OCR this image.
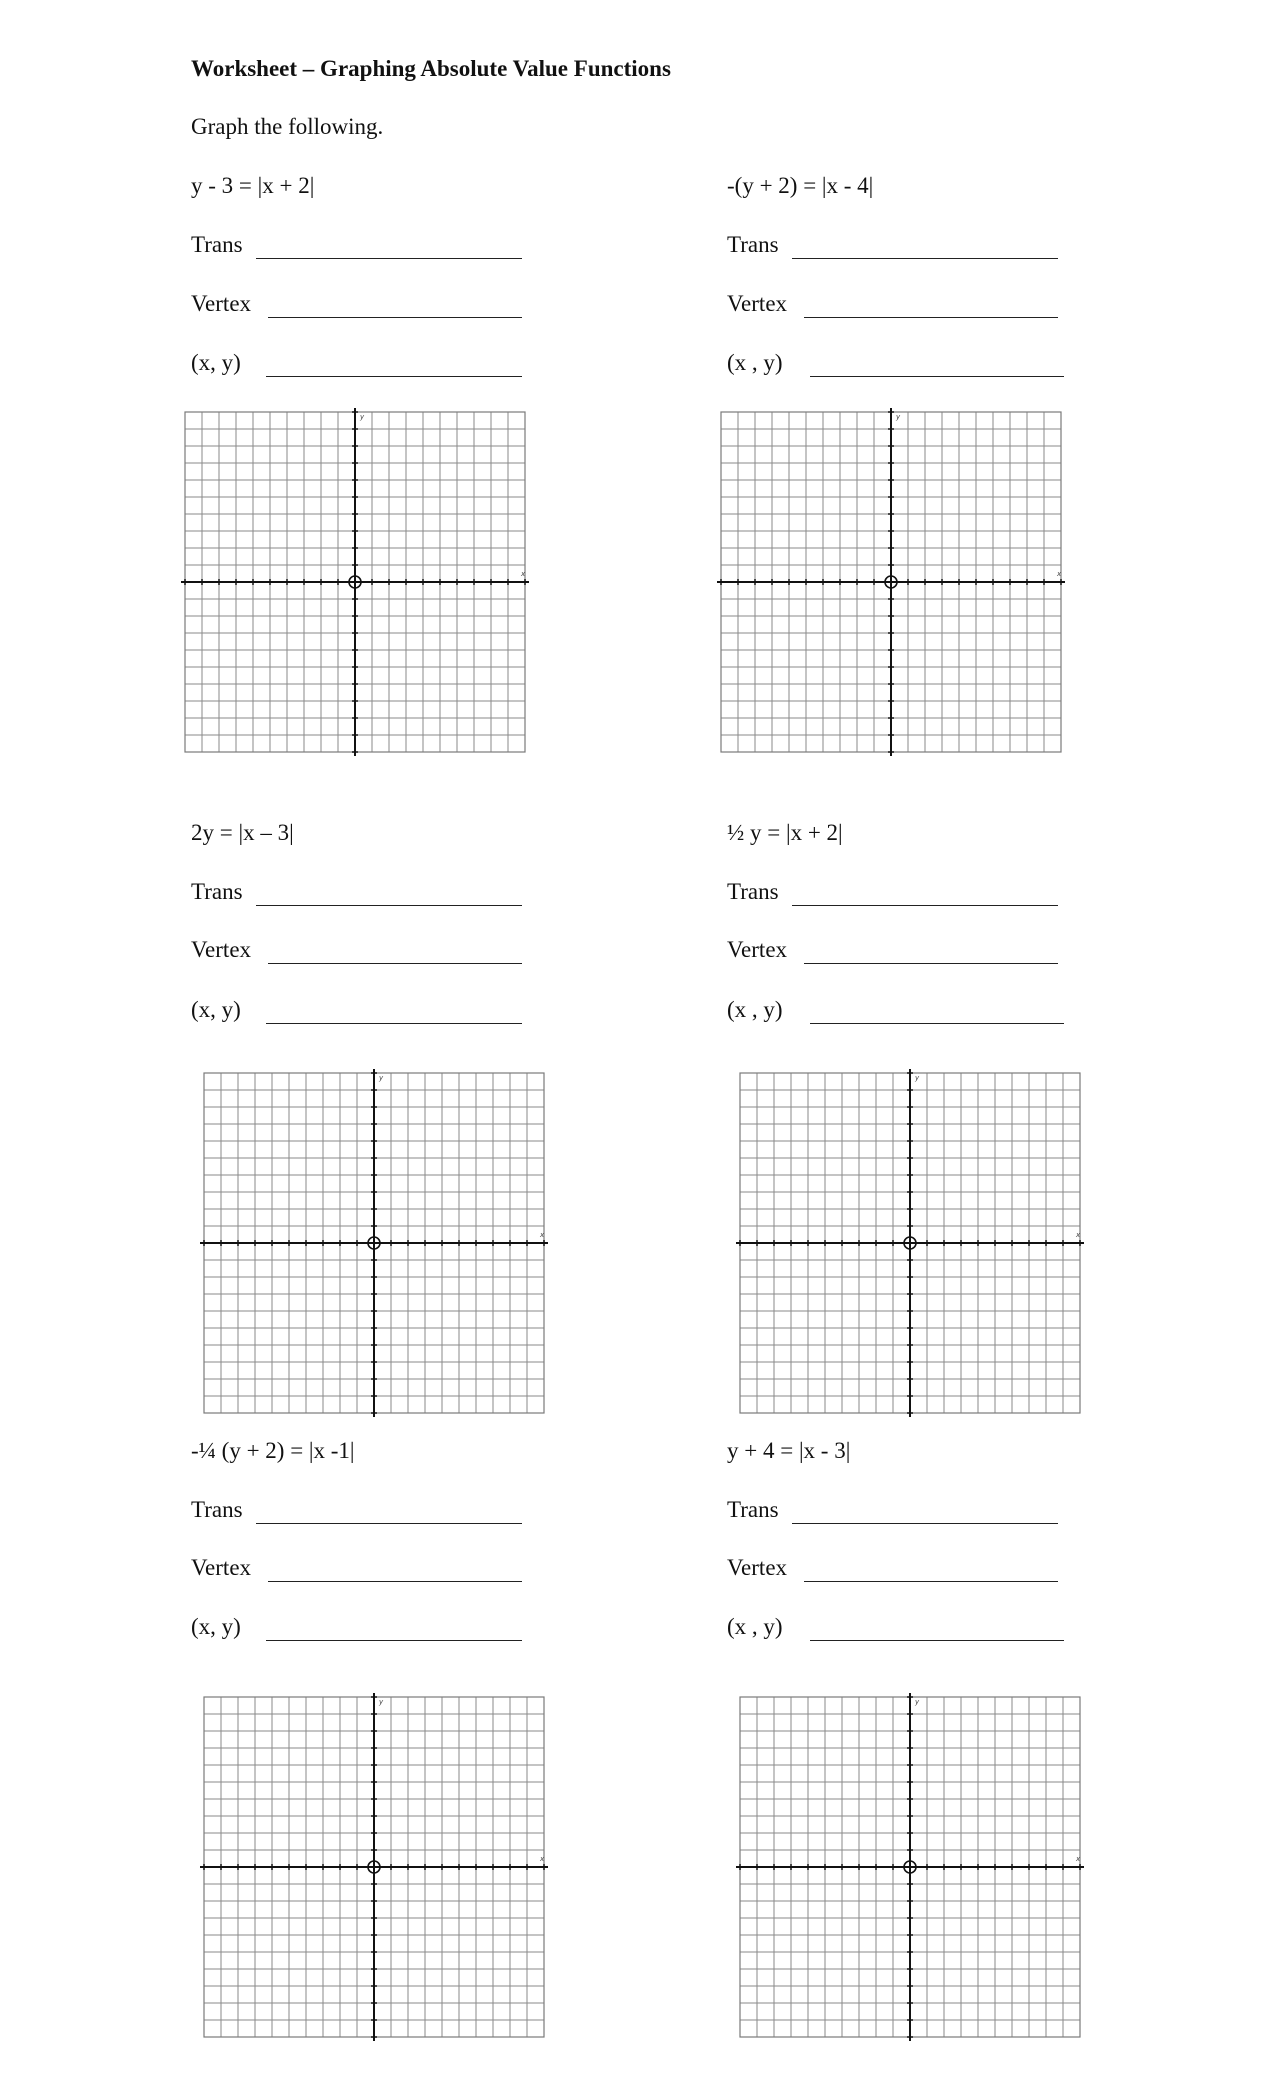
Worksheet – Graphing Absolute Value Functions
Graph the following.
y - 3 = |x + 2|
Trans
Vertex
(x, y)
x
y
-(y + 2) = |x - 4|
Trans
Vertex
(x , y)
x
y
2y = |x – 3|
Trans
Vertex
(x, y)
x
y
½ y = |x + 2|
Trans
Vertex
(x , y)
x
y
-¼ (y + 2) = |x -1|
Trans
Vertex
(x, y)
x
y
y + 4 = |x - 3|
Trans
Vertex
(x , y)
x
y
